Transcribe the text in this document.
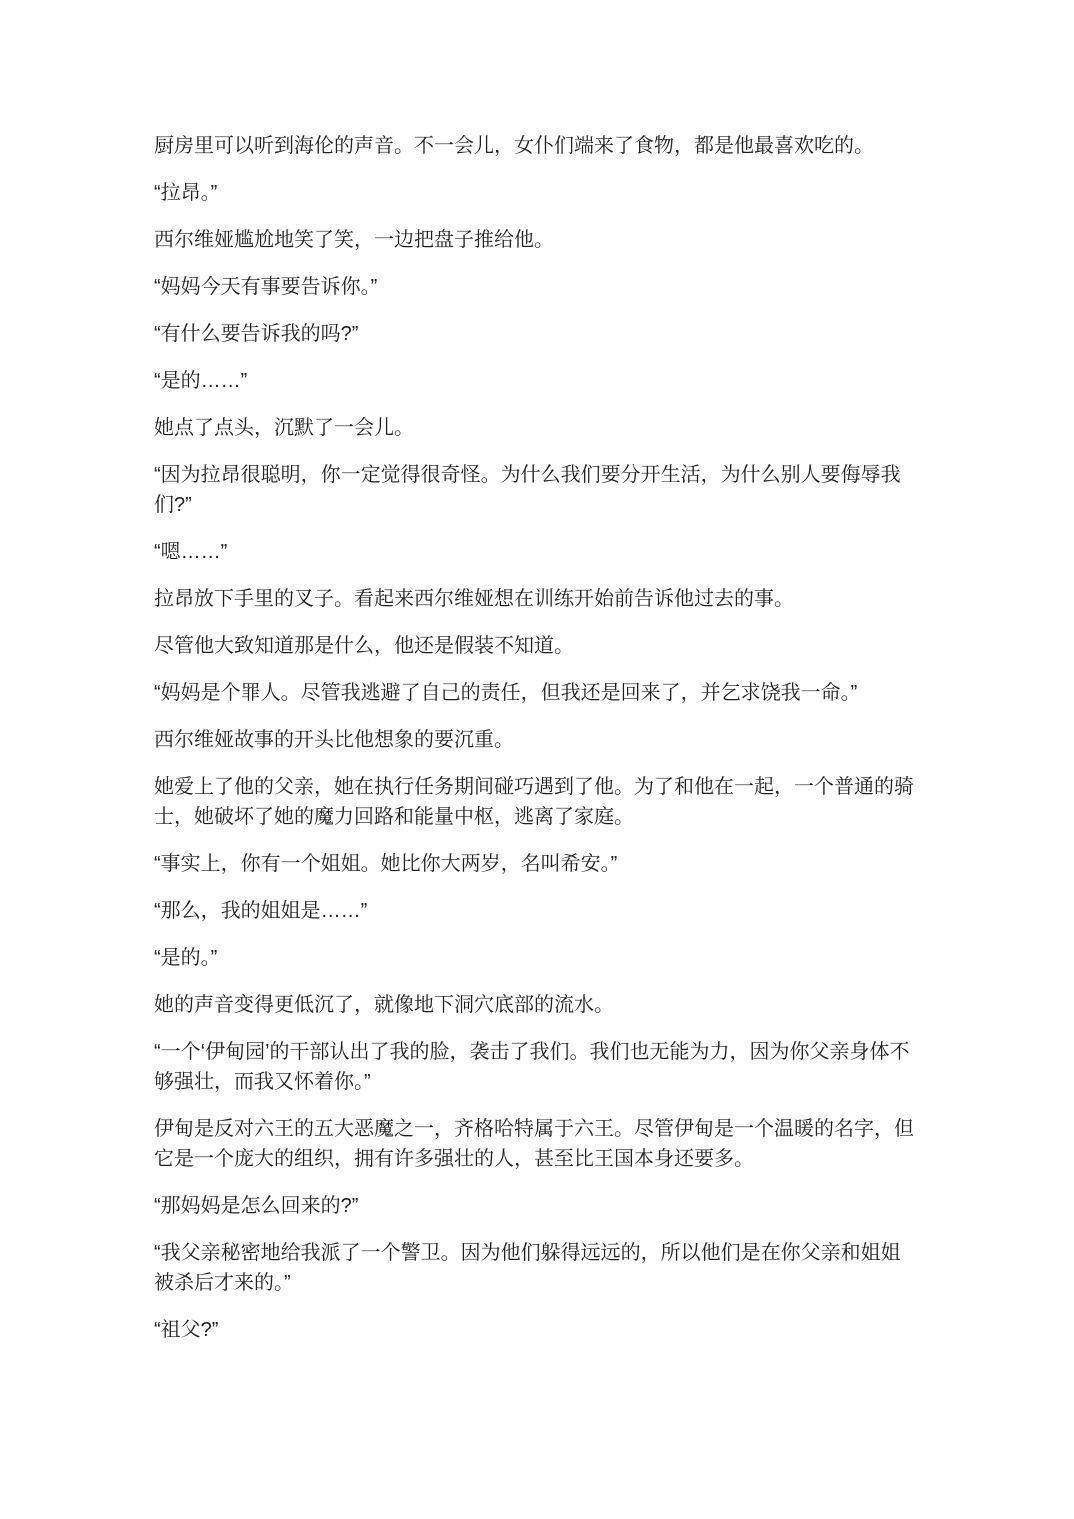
厨房里可以听到海伦的声音。不一会儿，女仆们端来了食物，都是他最喜欢吃的。

“拉昂。”

西尔维娅尴尬地笑了笑，一边把盘子推给他。

“妈妈今天有事要告诉你。”

“有什么要告诉我的吗?”

“是的……”

她点了点头，沉默了一会儿。

“因为拉昂很聪明，你一定觉得很奇怪。为什么我们要分开生活，为什么别人要侮辱我们?”

“嗯……”

拉昂放下手里的叉子。看起来西尔维娅想在训练开始前告诉他过去的事。

尽管他大致知道那是什么，他还是假装不知道。

“妈妈是个罪人。尽管我逃避了自己的责任，但我还是回来了，并乞求饶我一命。”

西尔维娅故事的开头比他想象的要沉重。

她爱上了他的父亲，她在执行任务期间碰巧遇到了他。为了和他在一起，一个普通的骑士，她破坏了她的魔力回路和能量中枢，逃离了家庭。

“事实上，你有一个姐姐。她比你大两岁，名叫希安。”

“那么，我的姐姐是……”

“是的。”

她的声音变得更低沉了，就像地下洞穴底部的流水。

“一个‘伊甸园’的干部认出了我的脸，袭击了我们。我们也无能为力，因为你父亲身体不够强壮，而我又怀着你。”

伊甸是反对六王的五大恶魔之一，齐格哈特属于六王。尽管伊甸是一个温暖的名字，但它是一个庞大的组织，拥有许多强壮的人，甚至比王国本身还要多。

“那妈妈是怎么回来的?”

“我父亲秘密地给我派了一个警卫。因为他们躲得远远的，所以他们是在你父亲和姐姐被杀后才来的。”

“祖父?”
